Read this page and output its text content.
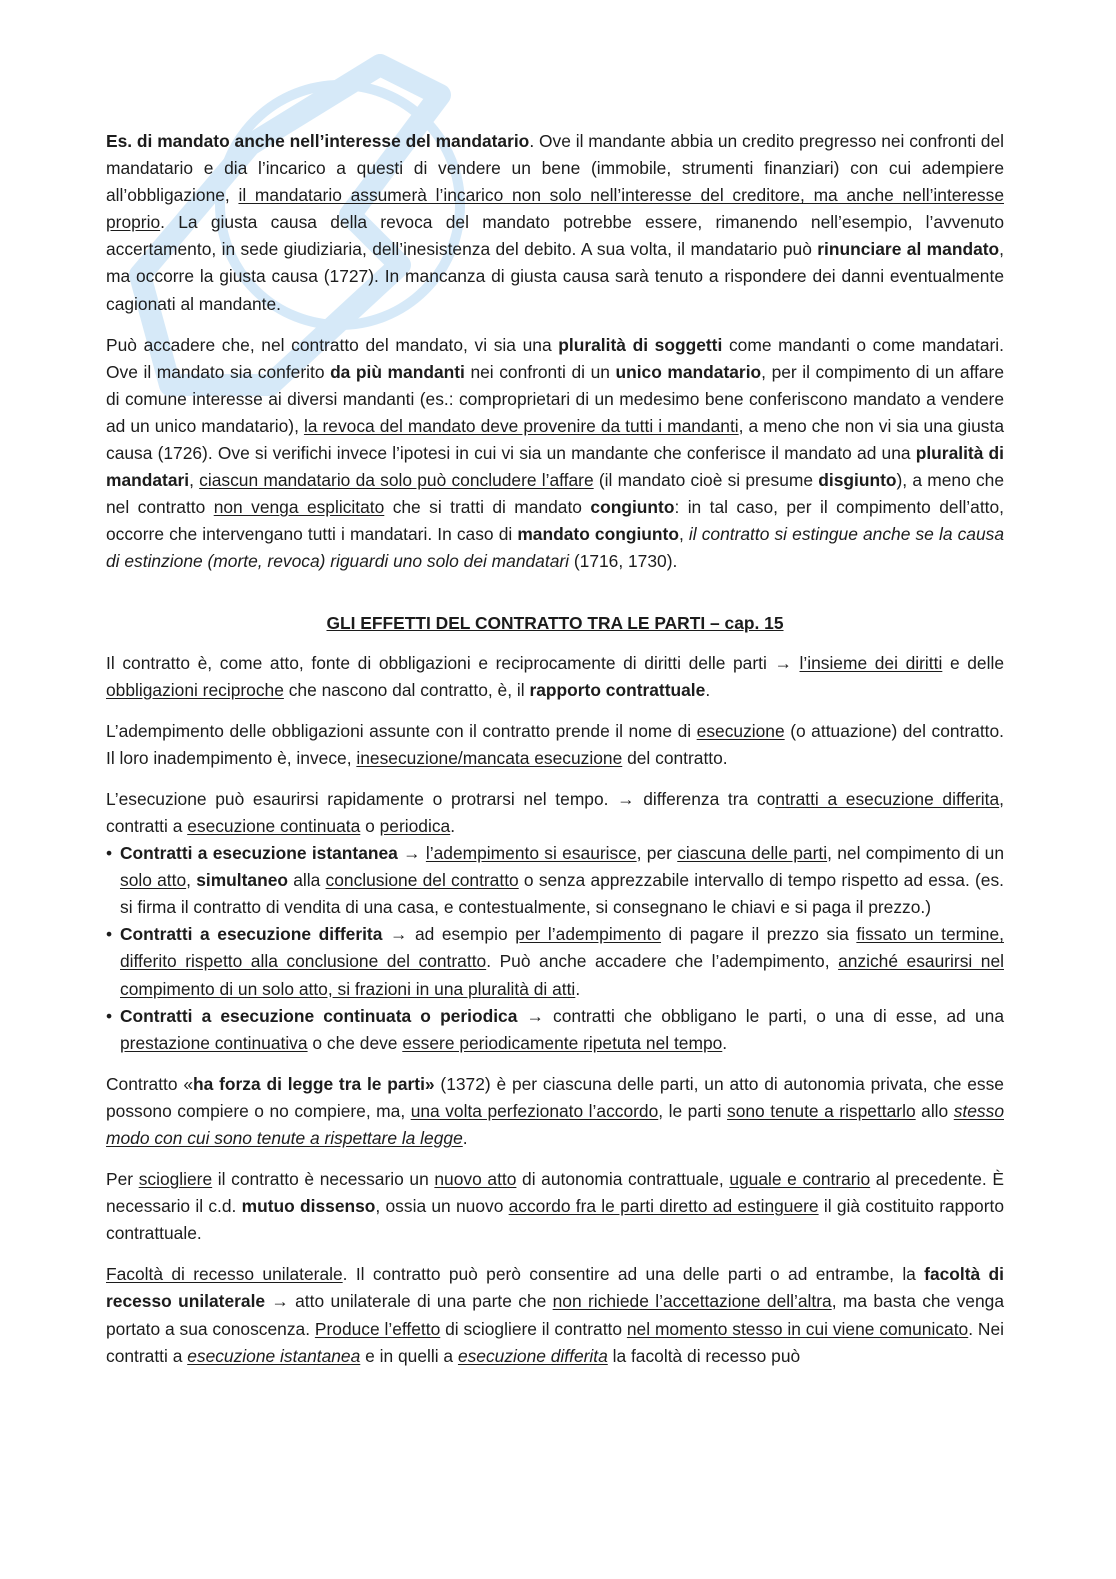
Es. di mandato anche nell’interesse del mandatario. Ove il mandante abbia un credito pregresso nei confronti del mandatario e dia l’incarico a questi di vendere un bene (immobile, strumenti finanziari) con cui adempiere all’obbligazione, il mandatario assumerà l’incarico non solo nell’interesse del creditore, ma anche nell’interesse proprio. La giusta causa della revoca del mandato potrebbe essere, rimanendo nell’esempio, l’avvenuto accertamento, in sede giudiziaria, dell’inesistenza del debito. A sua volta, il mandatario può rinunciare al mandato, ma occorre la giusta causa (1727). In mancanza di giusta causa sarà tenuto a rispondere dei danni eventualmente cagionati al mandante.

Può accadere che, nel contratto del mandato, vi sia una pluralità di soggetti come mandanti o come mandatari. Ove il mandato sia conferito da più mandanti nei confronti di un unico mandatario, per il compimento di un affare di comune interesse ai diversi mandanti (es.: comproprietari di un medesimo bene conferiscono mandato a vendere ad un unico mandatario), la revoca del mandato deve provenire da tutti i mandanti, a meno che non vi sia una giusta causa (1726). Ove si verifichi invece l’ipotesi in cui vi sia un mandante che conferisce il mandato ad una pluralità di mandatari, ciascun mandatario da solo può concludere l’affare (il mandato cioè si presume disgiunto), a meno che nel contratto non venga esplicitato che si tratti di mandato congiunto: in tal caso, per il compimento dell’atto, occorre che intervengano tutti i mandatari. In caso di mandato congiunto, il contratto si estingue anche se la causa di estinzione (morte, revoca) riguardi uno solo dei mandatari (1716, 1730).

GLI EFFETTI DEL CONTRATTO TRA LE PARTI – cap. 15

Il contratto è, come atto, fonte di obbligazioni e reciprocamente di diritti delle parti → l’insieme dei diritti e delle obbligazioni reciproche che nascono dal contratto, è, il rapporto contrattuale.

L’adempimento delle obbligazioni assunte con il contratto prende il nome di esecuzione (o attuazione) del contratto. Il loro inadempimento è, invece, inesecuzione/mancata esecuzione del contratto.

L’esecuzione può esaurirsi rapidamente o protrarsi nel tempo. → differenza tra contratti a esecuzione differita, contratti a esecuzione continuata o periodica.

• Contratti a esecuzione istantanea → l’adempimento si esaurisce, per ciascuna delle parti, nel compimento di un solo atto, simultaneo alla conclusione del contratto o senza apprezzabile intervallo di tempo rispetto ad essa. (es. si firma il contratto di vendita di una casa, e contestualmente, si consegnano le chiavi e si paga il prezzo.)
• Contratti a esecuzione differita → ad esempio per l’adempimento di pagare il prezzo sia fissato un termine, differito rispetto alla conclusione del contratto. Può anche accadere che l’adempimento, anziché esaurirsi nel compimento di un solo atto, si frazioni in una pluralità di atti.
• Contratti a esecuzione continuata o periodica → contratti che obbligano le parti, o una di esse, ad una prestazione continuativa o che deve essere periodicamente ripetuta nel tempo.

Contratto «ha forza di legge tra le parti» (1372) è per ciascuna delle parti, un atto di autonomia privata, che esse possono compiere o no compiere, ma, una volta perfezionato l’accordo, le parti sono tenute a rispettarlo allo stesso modo con cui sono tenute a rispettare la legge.

Per sciogliere il contratto è necessario un nuovo atto di autonomia contrattuale, uguale e contrario al precedente. È necessario il c.d. mutuo dissenso, ossia un nuovo accordo fra le parti diretto ad estinguere il già costituito rapporto contrattuale.

Facoltà di recesso unilaterale. Il contratto può però consentire ad una delle parti o ad entrambe, la facoltà di recesso unilaterale → atto unilaterale di una parte che non richiede l’accettazione dell’altra, ma basta che venga portato a sua conoscenza. Produce l’effetto di sciogliere il contratto nel momento stesso in cui viene comunicato. Nei contratti a esecuzione istantanea e in quelli a esecuzione differita la facoltà di recesso può
